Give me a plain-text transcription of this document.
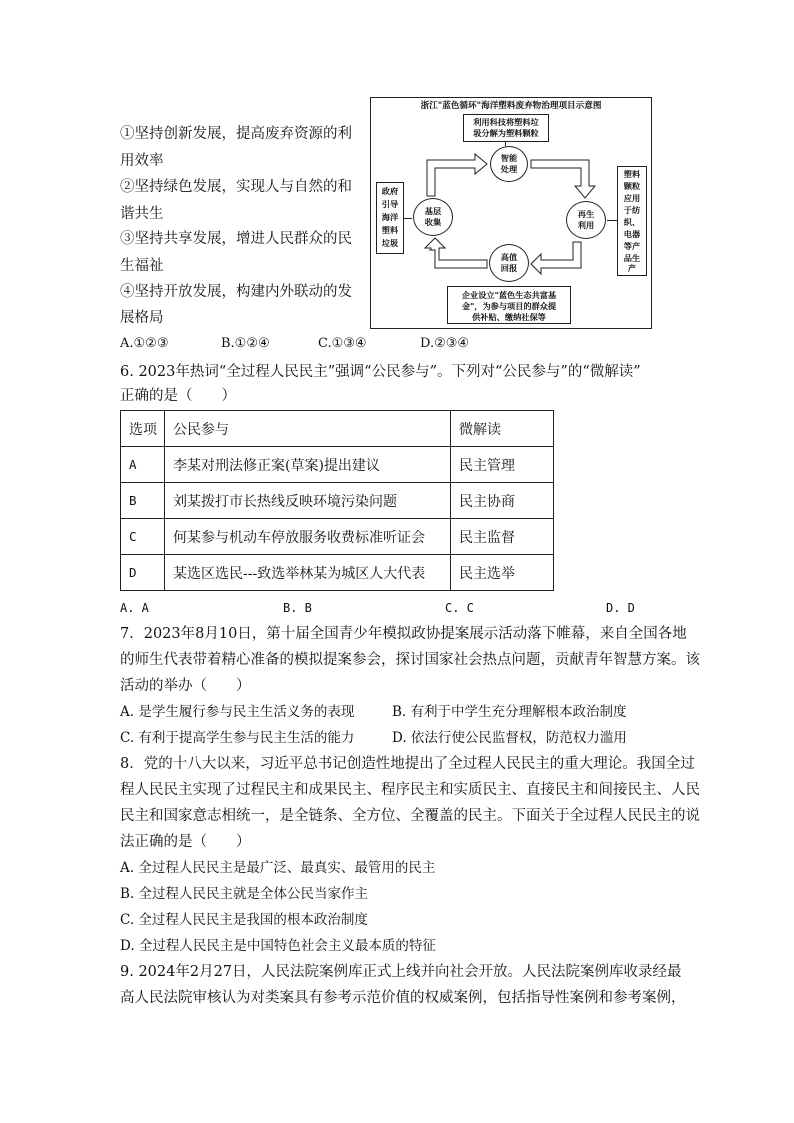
①坚持创新发展，提高废弃资源的利
用效率
②坚持绿色发展，实现人与自然的和
谐共生
③坚持共享发展，增进人民群众的民
生福祉
④坚持开放发展，构建内外联动的发
展格局
浙江"蓝色循环"海洋塑料废弃物治理项目示意图
利用科技将塑料垃
圾分解为塑料颗粒
政府
引导
海洋
塑料
垃圾
塑料
颗粒
应用
于纺
织、
电器
等产
品生
产
企业设立"蓝色生态共富基
金"，为参与项目的群众提
供补贴、缴纳社保等
智能
处理
基层
收集
再生
利用
高值
回报
A.①②③	B.①②④	C.①③④	D.②③④
6. 2023年热词“全过程人民民主”强调“公民参与”。下列对“公民参与”的“微解读”
正确的是（　　）
选项	公民参与	微解读
A	李某对刑法修正案(草案)提出建议	民主管理
B	刘某拨打市长热线反映环境污染问题	民主协商
C	何某参与机动车停放服务收费标准听证会	民主监督
D	某选区选民---致选举林某为城区人大代表	民主选举
A. A	B. B	C. C	D. D
7．2023年8月10日，第十届全国青少年模拟政协提案展示活动落下帷幕，来自全国各地
的师生代表带着精心准备的模拟提案参会，探讨国家社会热点问题，贡献青年智慧方案。该
活动的举办（　　）
A. 是学生履行参与民主生活义务的表现	B. 有利于中学生充分理解根本政治制度
C. 有利于提高学生参与民主生活的能力	D. 依法行使公民监督权，防范权力滥用
8．党的十八大以来，习近平总书记创造性地提出了全过程人民民主的重大理论。我国全过
程人民民主实现了过程民主和成果民主、程序民主和实质民主、直接民主和间接民主、人民
民主和国家意志相统一，是全链条、全方位、全覆盖的民主。下面关于全过程人民民主的说
法正确的是（　　）
A. 全过程人民民主是最广泛、最真实、最管用的民主
B. 全过程人民民主就是全体公民当家作主
C. 全过程人民民主是我国的根本政治制度
D. 全过程人民民主是中国特色社会主义最本质的特征
9. 2024年2月27日，人民法院案例库正式上线并向社会开放。人民法院案例库收录经最
高人民法院审核认为对类案具有参考示范价值的权威案例，包括指导性案例和参考案例，
